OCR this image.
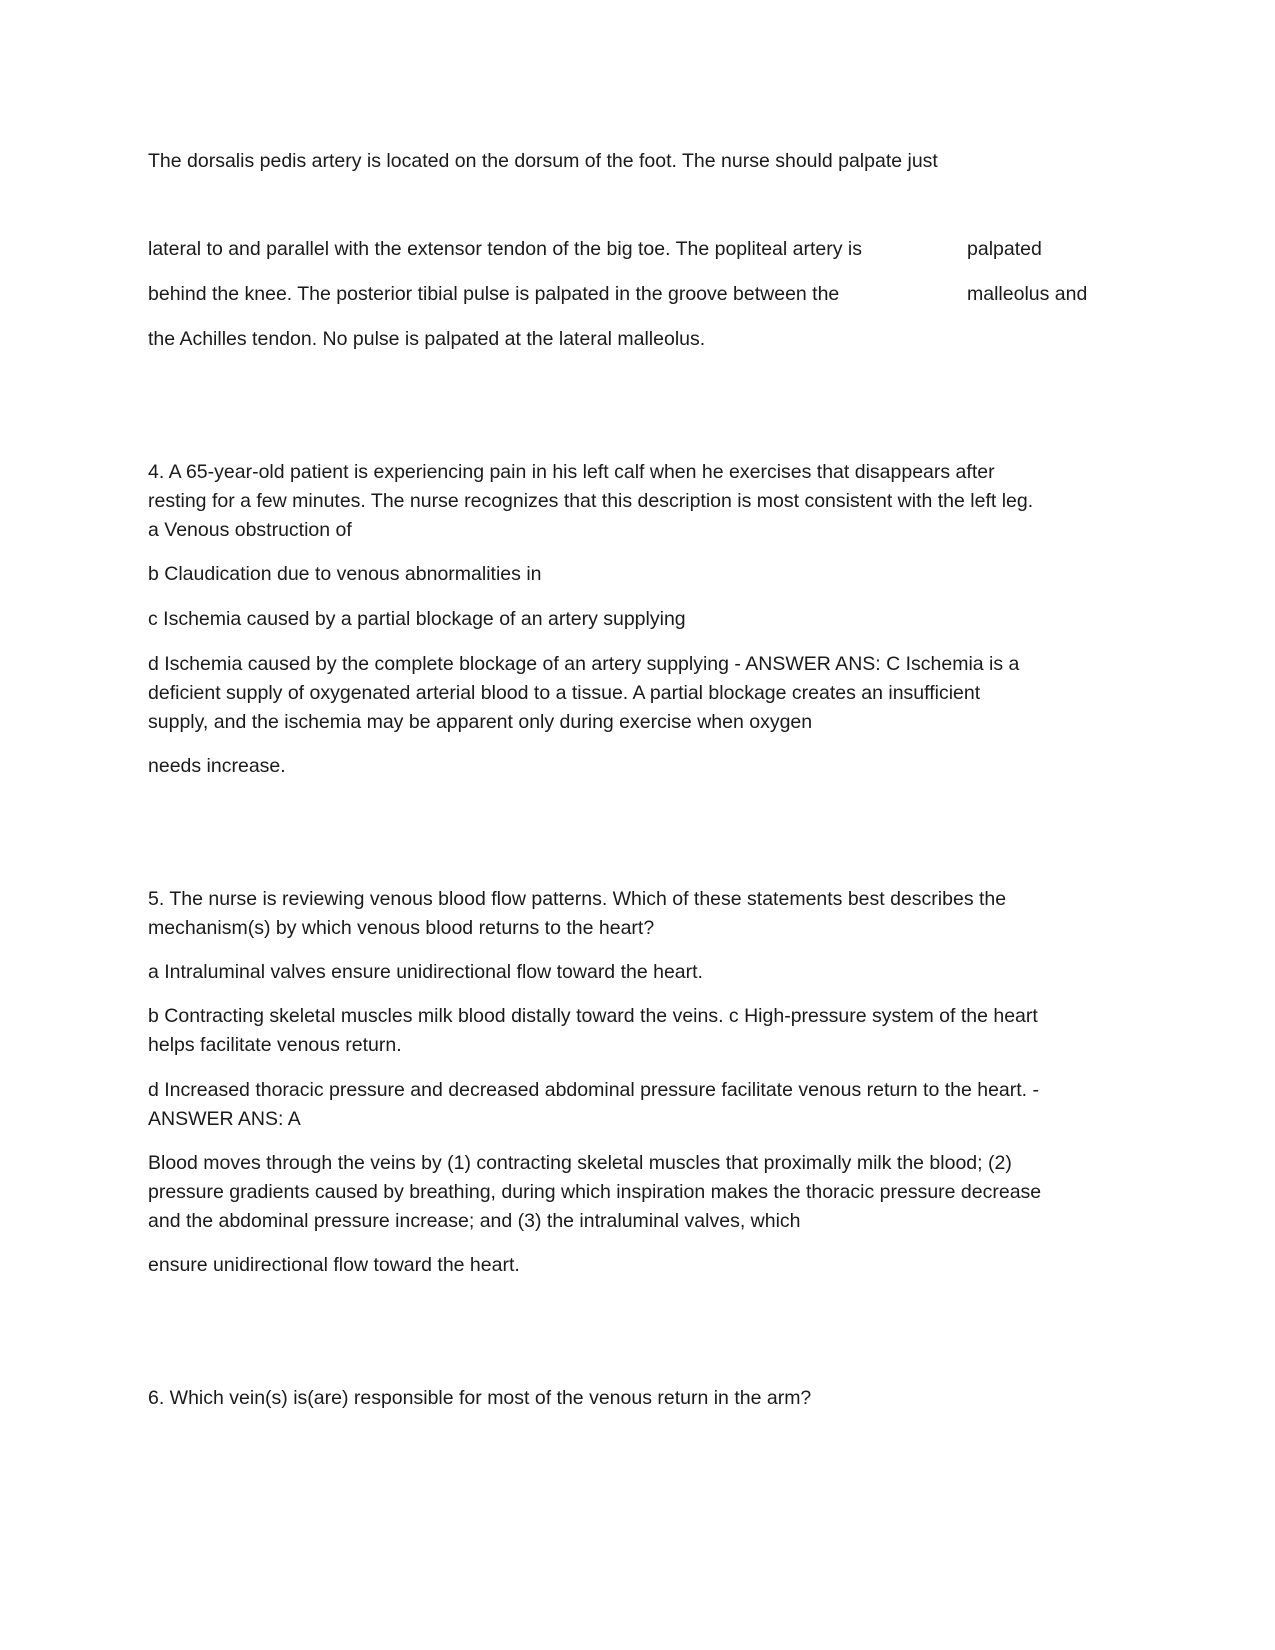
The dorsalis pedis artery is located on the dorsum of the foot. The nurse should palpate just
lateral to and parallel with the extensor tendon of the big toe. The popliteal artery is	palpated
behind the knee. The posterior tibial pulse is palpated in the groove between the	malleolus and
the Achilles tendon. No pulse is palpated at the lateral malleolus.
4. A 65-year-old patient is experiencing pain in his left calf when he exercises that disappears after
resting for a few minutes. The nurse recognizes that this description is most consistent with the left leg.
a Venous obstruction of
b Claudication due to venous abnormalities in
c Ischemia caused by a partial blockage of an artery supplying
d Ischemia caused by the complete blockage of an artery supplying - ANSWER ANS: C Ischemia is a
deficient supply of oxygenated arterial blood to a tissue. A partial blockage creates an insufficient
supply, and the ischemia may be apparent only during exercise when oxygen
needs increase.
5. The nurse is reviewing venous blood flow patterns. Which of these statements best describes the
mechanism(s) by which venous blood returns to the heart?
a Intraluminal valves ensure unidirectional flow toward the heart.
b Contracting skeletal muscles milk blood distally toward the veins. c High-pressure system of the heart
helps facilitate venous return.
d Increased thoracic pressure and decreased abdominal pressure facilitate venous return to the heart. -
ANSWER ANS: A
Blood moves through the veins by (1) contracting skeletal muscles that proximally milk the blood; (2)
pressure gradients caused by breathing, during which inspiration makes the thoracic pressure decrease
and the abdominal pressure increase; and (3) the intraluminal valves, which
ensure unidirectional flow toward the heart.
6. Which vein(s) is(are) responsible for most of the venous return in the arm?
